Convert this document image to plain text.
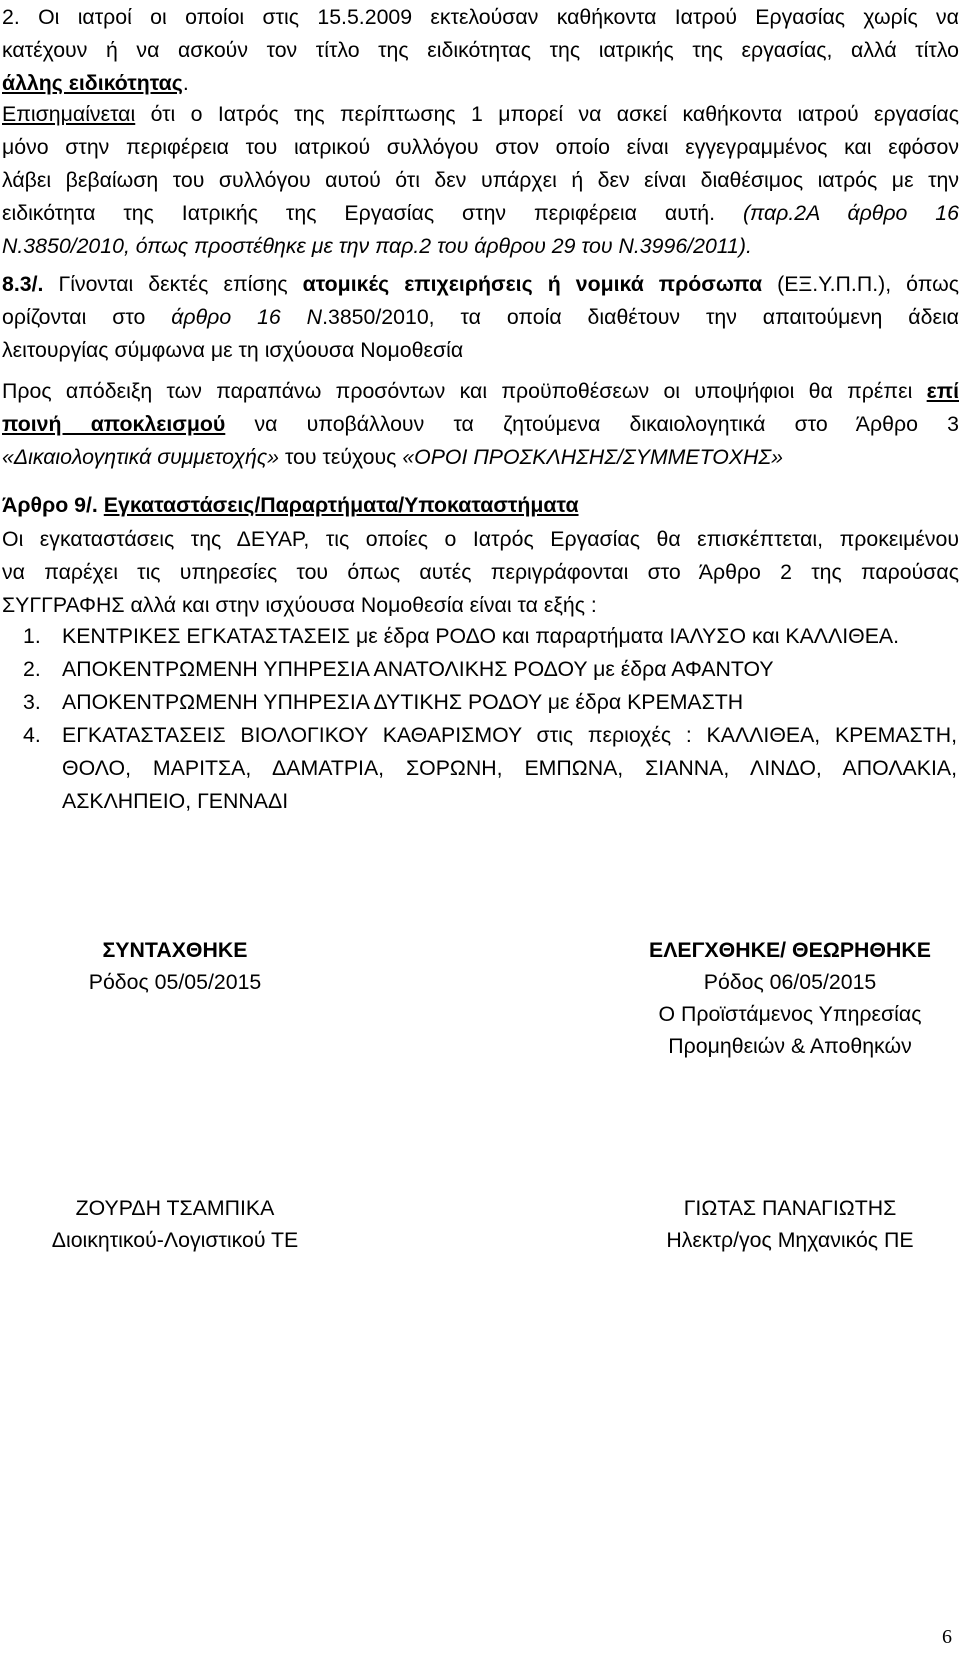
2. Οι ιατροί οι οποίοι στις 15.5.2009 εκτελούσαν καθήκοντα Ιατρού Εργασίας χωρίς να
κατέχουν ή να ασκούν τον τίτλο της ειδικότητας της ιατρικής της εργασίας, αλλά τίτλο
άλλης ειδικότητας.
Επισημαίνεται ότι ο Ιατρός της περίπτωσης 1 μπορεί να ασκεί καθήκοντα ιατρού εργασίας
μόνο στην περιφέρεια του ιατρικού συλλόγου στον οποίο είναι εγγεγραμμένος και εφόσον
λάβει βεβαίωση του συλλόγου αυτού ότι δεν υπάρχει ή δεν είναι διαθέσιμος ιατρός με την
ειδικότητα της Ιατρικής της Εργασίας στην περιφέρεια αυτή. (παρ.2Α άρθρο 16
Ν.3850/2010, όπως προστέθηκε με την παρ.2 του άρθρου 29 του Ν.3996/2011).
8.3/. Γίνονται δεκτές επίσης ατομικές επιχειρήσεις ή νομικά πρόσωπα (ΕΞ.Υ.Π.Π.), όπως
ορίζονται στο άρθρο 16 Ν.3850/2010, τα οποία διαθέτουν την απαιτούμενη άδεια
λειτουργίας σύμφωνα με τη ισχύουσα Νομοθεσία
Προς απόδειξη των παραπάνω προσόντων και προϋποθέσεων οι υποψήφιοι θα πρέπει επί
ποινή αποκλεισμού να υποβάλλουν τα ζητούμενα δικαιολογητικά στο Άρθρο 3
«Δικαιολογητικά συμμετοχής» του τεύχους «ΟΡΟΙ ΠΡΟΣΚΛΗΣΗΣ/ΣΥΜΜΕΤΟΧΗΣ»
Άρθρο 9/. Εγκαταστάσεις/Παραρτήματα/Υποκαταστήματα
Οι εγκαταστάσεις της ΔΕΥΑΡ, τις οποίες ο Ιατρός Εργασίας θα επισκέπτεται, προκειμένου
να παρέχει τις υπηρεσίες του όπως αυτές περιγράφονται στο Άρθρο 2 της παρούσας
ΣΥΓΓΡΑΦΗΣ αλλά και στην ισχύουσα Νομοθεσία είναι τα εξής :
1. ΚΕΝΤΡΙΚΕΣ ΕΓΚΑΤΑΣΤΑΣΕΙΣ με έδρα ΡΟΔΟ και παραρτήματα ΙΑΛΥΣΟ και ΚΑΛΛΙΘΕΑ.
2. ΑΠΟΚΕΝΤΡΩΜΕΝΗ ΥΠΗΡΕΣΙΑ ΑΝΑΤΟΛΙΚΗΣ ΡΟΔΟΥ με έδρα ΑΦΑΝΤΟΥ
3. ΑΠΟΚΕΝΤΡΩΜΕΝΗ ΥΠΗΡΕΣΙΑ ΔΥΤΙΚΗΣ ΡΟΔΟΥ με έδρα ΚΡΕΜΑΣΤΗ
4. ΕΓΚΑΤΑΣΤΑΣΕΙΣ ΒΙΟΛΟΓΙΚΟΥ ΚΑΘΑΡΙΣΜΟΥ στις περιοχές : ΚΑΛΛΙΘΕΑ, ΚΡΕΜΑΣΤΗ,
ΘΟΛΟ, ΜΑΡΙΤΣΑ, ΔΑΜΑΤΡΙΑ, ΣΟΡΩΝΗ, ΕΜΠΩΝΑ, ΣΙΑΝΝΑ, ΛΙΝΔΟ, ΑΠΟΛΑΚΙΑ,
ΑΣΚΛΗΠΕΙΟ, ΓΕΝΝΑΔΙ
ΣΥΝΤΑΧΘΗΚΕ
Ρόδος 05/05/2015
ΕΛΕΓΧΘΗΚΕ/ ΘΕΩΡΗΘΗΚΕ
Ρόδος 06/05/2015
Ο Προϊστάμενος Υπηρεσίας
Προμηθειών & Αποθηκών
ΖΟΥΡΔΗ ΤΣΑΜΠΙΚΑ
Διοικητικού-Λογιστικού ΤΕ
ΓΙΩΤΑΣ ΠΑΝΑΓΙΩΤΗΣ
Ηλεκτρ/γος Μηχανικός ΠΕ
6
